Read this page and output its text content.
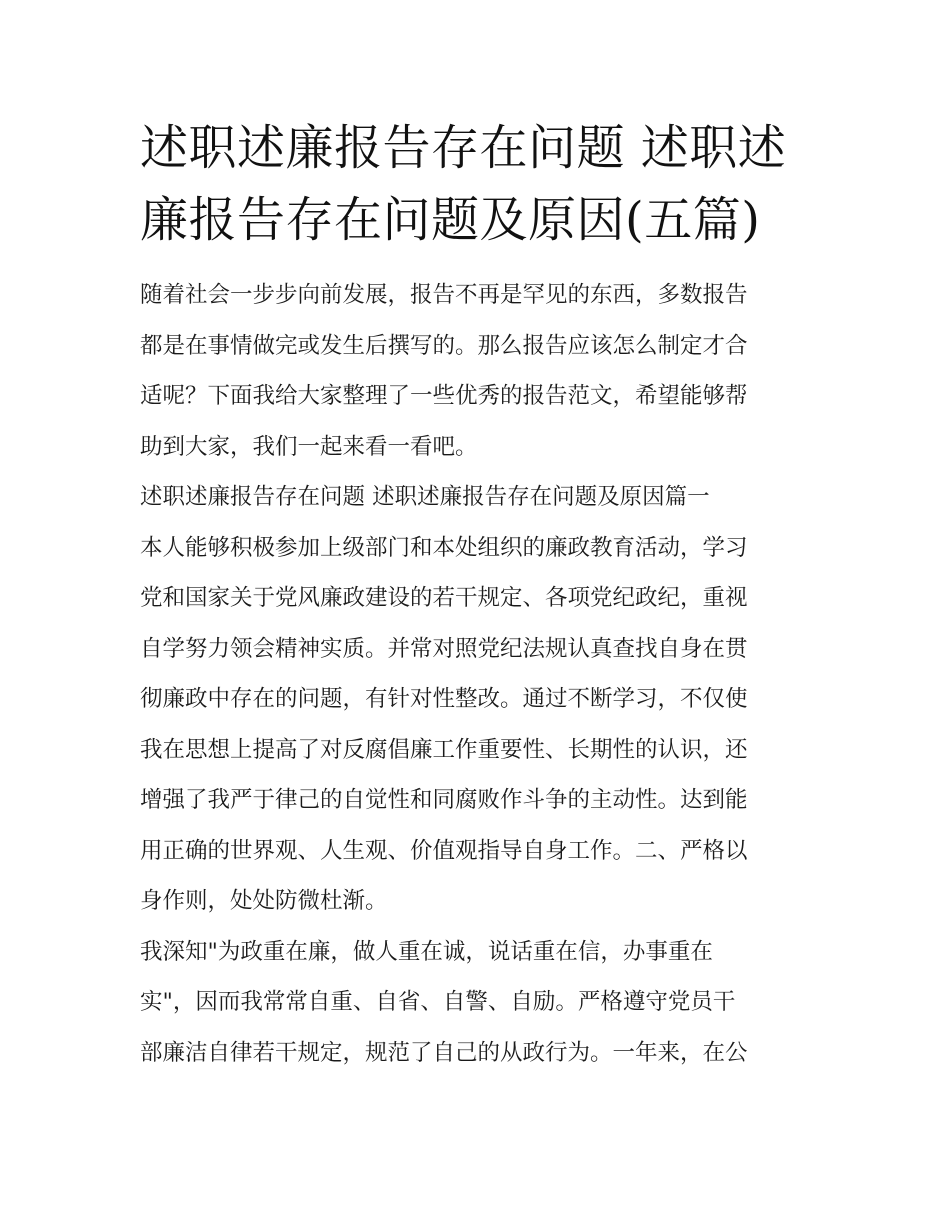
述职述廉报告存在问题 述职述
廉报告存在问题及原因(五篇)

随着社会一步步向前发展，报告不再是罕见的东西，多数报告
都是在事情做完或发生后撰写的。那么报告应该怎么制定才合
适呢？下面我给大家整理了一些优秀的报告范文，希望能够帮
助到大家，我们一起来看一看吧。

述职述廉报告存在问题 述职述廉报告存在问题及原因篇一

本人能够积极参加上级部门和本处组织的廉政教育活动，学习
党和国家关于党风廉政建设的若干规定、各项党纪政纪，重视
自学努力领会精神实质。并常对照党纪法规认真查找自身在贯
彻廉政中存在的问题，有针对性整改。通过不断学习，不仅使
我在思想上提高了对反腐倡廉工作重要性、长期性的认识，还
增强了我严于律己的自觉性和同腐败作斗争的主动性。达到能
用正确的世界观、人生观、价值观指导自身工作。二、严格以
身作则，处处防微杜渐。

我深知"为政重在廉，做人重在诚，说话重在信，办事重在
实"，因而我常常自重、自省、自警、自励。严格遵守党员干
部廉洁自律若干规定，规范了自己的从政行为。一年来，在公
